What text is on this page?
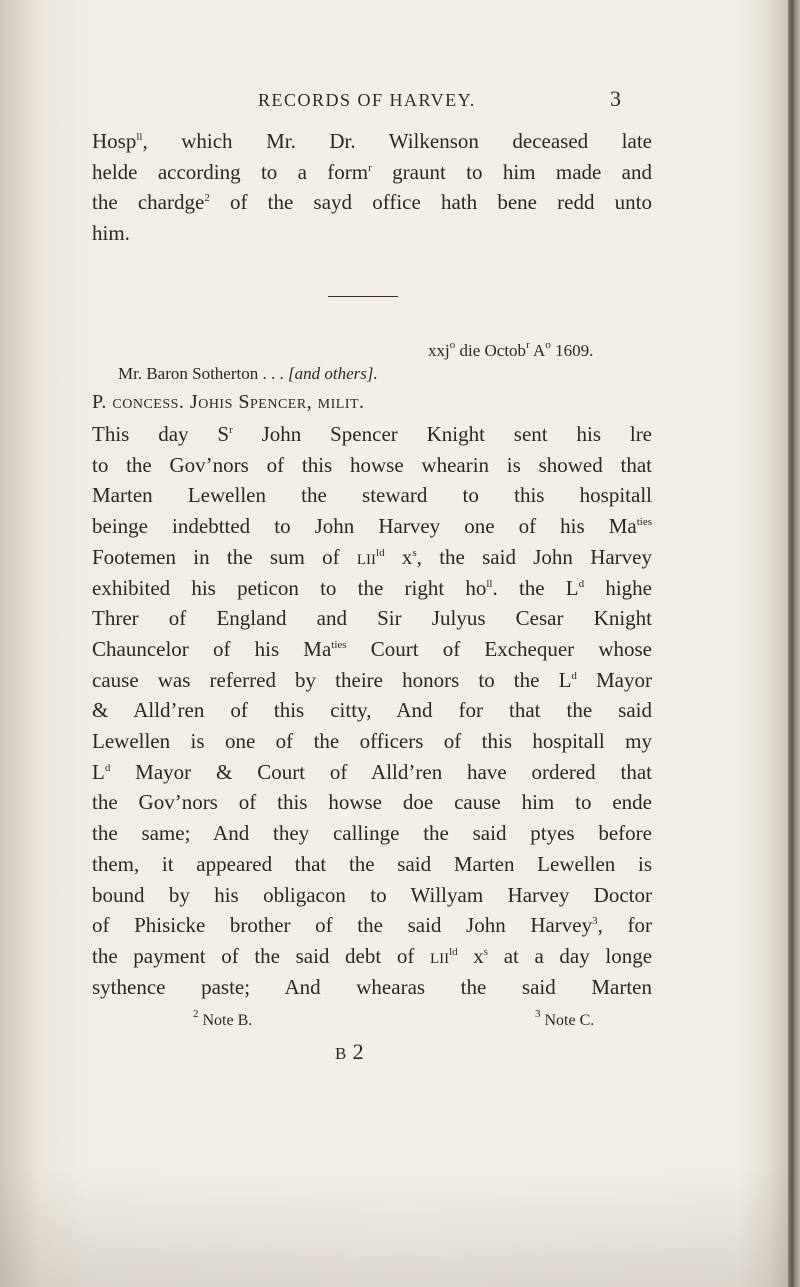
RECORDS OF HARVEY.	3
Hosp$^{ll}$, which Mr. Dr. Wilkenson deceased late
helde according to a form$^r$ graunt to him made and
the chardge$^2$ of the sayd office hath bene redd unto
him.
xxj$^o$ die Octob$^r$ $A^o$ 1609.
Mr. Baron Sotherton . . . [and others].
P. concess. Johis Spencer, milit.
This day $S^r$ John Spencer Knight sent his lre
to the Gov’nors of this howse whearin is showed that
Marten Lewellen the steward to this hospitall
beinge indebtted to John Harvey one of his $Ma^{ties}$
Footemen in the sum of lii$^{ld}$ $x^s$, the said John Harvey
exhibited his peticon to the right $ho^{ll}$. the $L^d$ highe
Threr of England and Sir Julyus Cesar Knight
Chauncelor of his $Ma^{ties}$ Court of Exchequer whose
cause was referred by theire honors to the $L^d$ Mayor
& Alld’ren of this citty, And for that the said
Lewellen is one of the officers of this hospitall my
$L^d$ Mayor & Court of Alld’ren have ordered that
the Gov’nors of this howse doe cause him to ende
the same; And they callinge the said ptyes before
them, it appeared that the said Marten Lewellen is
bound by his obligacon to Willyam Harvey Doctor
of Phisicke brother of the said John Harvey$^3$, for
the payment of the said debt of lii$^{ld}$ $x^s$ at a day longe
sythence paste; And whearas the said Marten
$^2$ Note B.	$^3$ Note C.
B 2
